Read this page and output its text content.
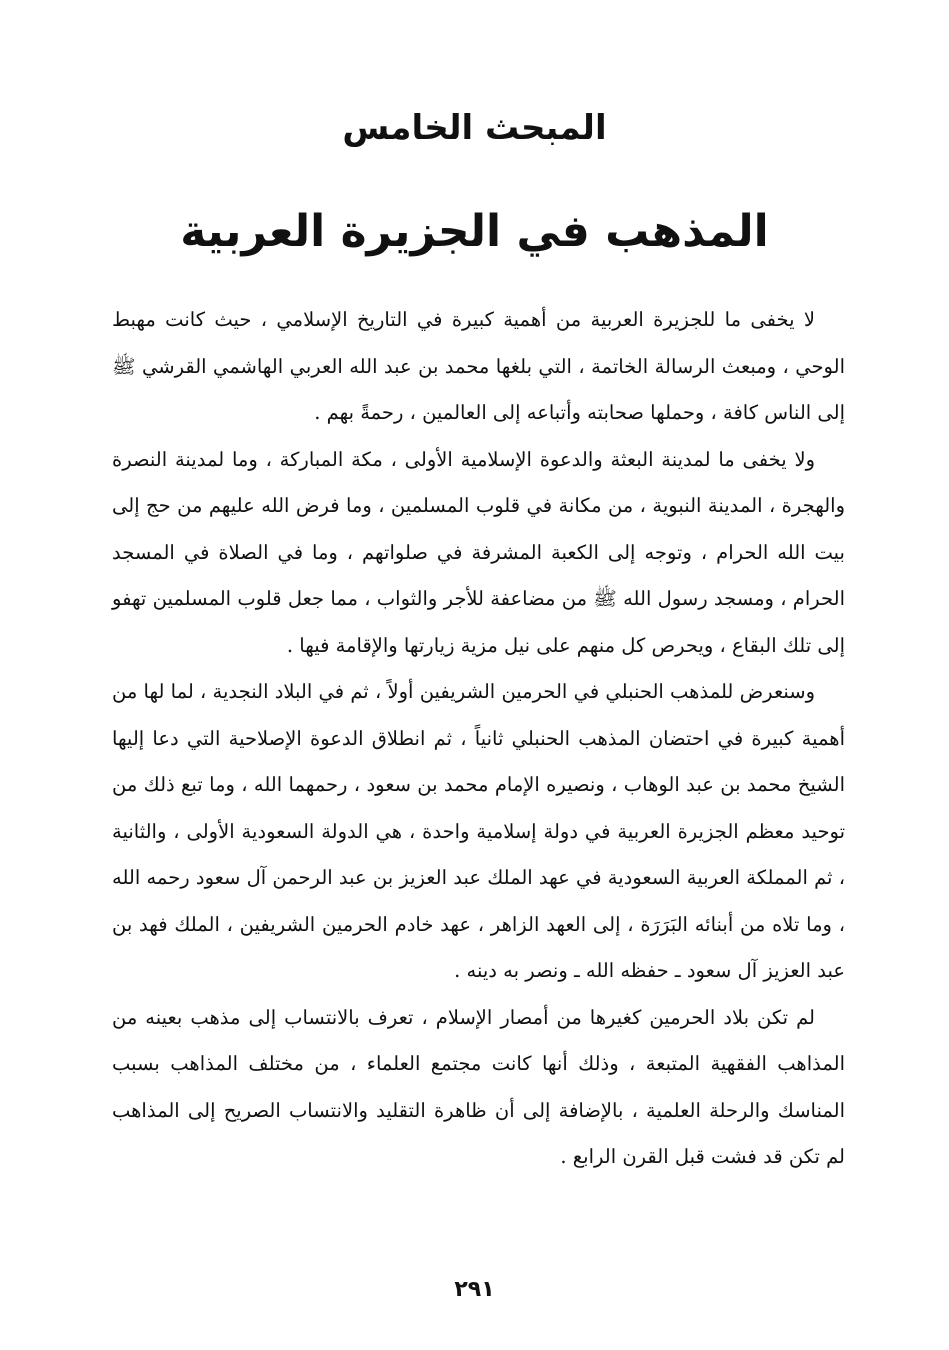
المبحث الخامس
المذهب في الجزيرة العربية

لا يخفى ما للجزيرة العربية من أهمية كبيرة في التاريخ الإسلامي ، حيث كانت مهبط الوحي ، ومبعث الرسالة الخاتمة ، التي بلغها محمد بن عبد الله العربي الهاشمي القرشي ﷺ إلى الناس كافة ، وحملها صحابته وأتباعه إلى العالمين ، رحمةً بهم .

ولا يخفى ما لمدينة البعثة والدعوة الإسلامية الأولى ، مكة المباركة ، وما لمدينة النصرة والهجرة ، المدينة النبوية ، من مكانة في قلوب المسلمين ، وما فرض الله عليهم من حج إلى بيت الله الحرام ، وتوجه إلى الكعبة المشرفة في صلواتهم ، وما في الصلاة في المسجد الحرام ، ومسجد رسول الله ﷺ من مضاعفة للأجر والثواب ، مما جعل قلوب المسلمين تهفو إلى تلك البقاع ، ويحرص كل منهم على نيل مزية زيارتها والإقامة فيها .

وسنعرض للمذهب الحنبلي في الحرمين الشريفين أولاً ، ثم في البلاد النجدية ، لما لها من أهمية كبيرة في احتضان المذهب الحنبلي ثانياً ، ثم انطلاق الدعوة الإصلاحية التي دعا إليها الشيخ محمد بن عبد الوهاب ، ونصيره الإمام محمد بن سعود ، رحمهما الله ، وما تبع ذلك من توحيد معظم الجزيرة العربية في دولة إسلامية واحدة ، هي الدولة السعودية الأولى ، والثانية ، ثم المملكة العربية السعودية في عهد الملك عبد العزيز بن عبد الرحمن آل سعود رحمه الله ، وما تلاه من أبنائه البَرَرَة ، إلى العهد الزاهر ، عهد خادم الحرمين الشريفين ، الملك فهد بن عبد العزيز آل سعود ـ حفظه الله ـ ونصر به دينه .

لم تكن بلاد الحرمين كغيرها من أمصار الإسلام ، تعرف بالانتساب إلى مذهب بعينه من المذاهب الفقهية المتبعة ، وذلك أنها كانت مجتمع العلماء ، من مختلف المذاهب بسبب المناسك والرحلة العلمية ، بالإضافة إلى أن ظاهرة التقليد والانتساب الصريح إلى المذاهب لم تكن قد فشت قبل القرن الرابع .

٢٩١
